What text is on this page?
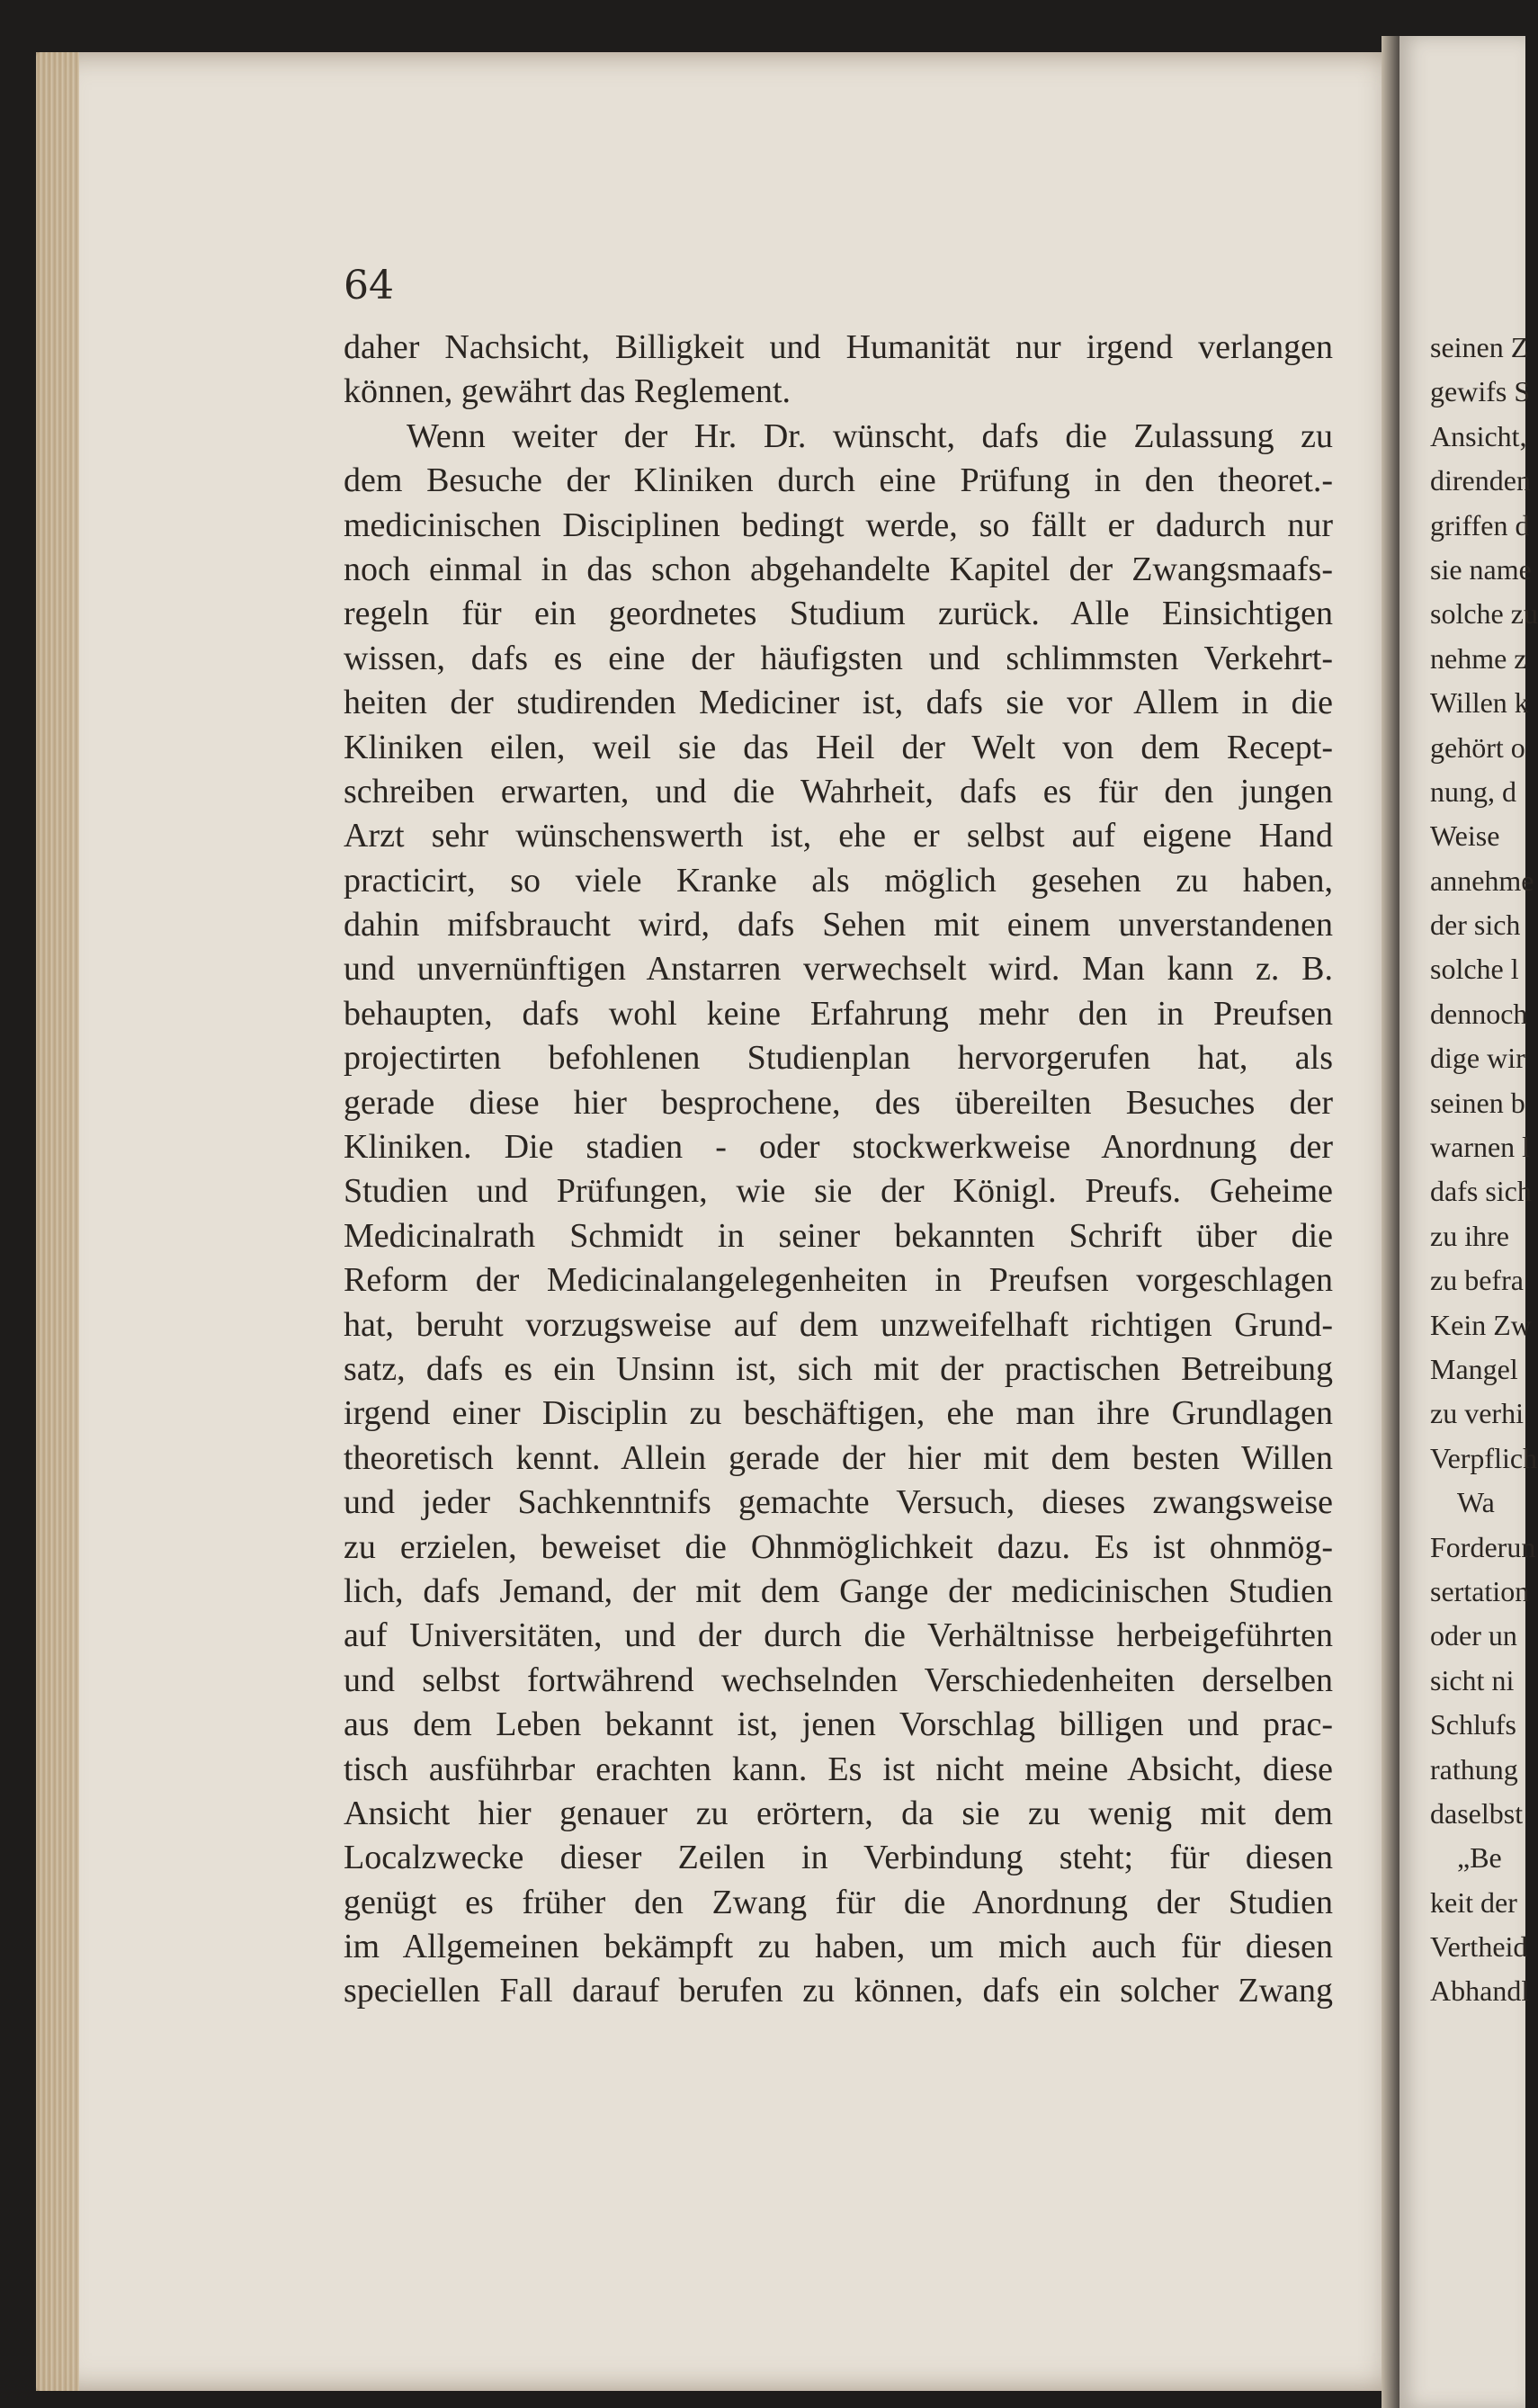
64
daher Nachsicht, Billigkeit und Humanität nur irgend verlangen
können, gewährt das Reglement.
Wenn weiter der Hr. Dr. wünscht, dafs die Zulassung zu
dem Besuche der Kliniken durch eine Prüfung in den theoret.-
medicinischen Disciplinen bedingt werde, so fällt er dadurch nur
noch einmal in das schon abgehandelte Kapitel der Zwangsmaafs-
regeln für ein geordnetes Studium zurück. Alle Einsichtigen
wissen, dafs es eine der häufigsten und schlimmsten Verkehrt-
heiten der studirenden Mediciner ist, dafs sie vor Allem in die
Kliniken eilen, weil sie das Heil der Welt von dem Recept-
schreiben erwarten, und die Wahrheit, dafs es für den jungen
Arzt sehr wünschenswerth ist, ehe er selbst auf eigene Hand
practicirt, so viele Kranke als möglich gesehen zu haben,
dahin mifsbraucht wird, dafs Sehen mit einem unverstandenen
und unvernünftigen Anstarren verwechselt wird. Man kann z. B.
behaupten, dafs wohl keine Erfahrung mehr den in Preufsen
projectirten befohlenen Studienplan hervorgerufen hat, als
gerade diese hier besprochene, des übereilten Besuches der
Kliniken. Die stadien - oder stockwerkweise Anordnung der
Studien und Prüfungen, wie sie der Königl. Preufs. Geheime
Medicinalrath Schmidt in seiner bekannten Schrift über die
Reform der Medicinalangelegenheiten in Preufsen vorgeschlagen
hat, beruht vorzugsweise auf dem unzweifelhaft richtigen Grund-
satz, dafs es ein Unsinn ist, sich mit der practischen Betreibung
irgend einer Disciplin zu beschäftigen, ehe man ihre Grundlagen
theoretisch kennt. Allein gerade der hier mit dem besten Willen
und jeder Sachkenntnifs gemachte Versuch, dieses zwangsweise
zu erzielen, beweiset die Ohnmöglichkeit dazu. Es ist ohnmög-
lich, dafs Jemand, der mit dem Gange der medicinischen Studien
auf Universitäten, und der durch die Verhältnisse herbeigeführten
und selbst fortwährend wechselnden Verschiedenheiten derselben
aus dem Leben bekannt ist, jenen Vorschlag billigen und prac-
tisch ausführbar erachten kann. Es ist nicht meine Absicht, diese
Ansicht hier genauer zu erörtern, da sie zu wenig mit dem
Localzwecke dieser Zeilen in Verbindung steht; für diesen
genügt es früher den Zwang für die Anordnung der Studien
im Allgemeinen bekämpft zu haben, um mich auch für diesen
speciellen Fall darauf berufen zu können, dafs ein solcher Zwang
seinen Z
gewifs S
Ansicht,
direnden
griffen d
sie name
solche zu
nehme z
Willen k
gehört o
nung, d
Weise
annehme
der sich
solche l
dennoch
dige wir
seinen b
warnen l
dafs sich
zu ihre
zu befra
Kein Zw
Mangel
zu verhi
Verpflich
Wa
Forderun
sertation
oder un
sicht ni
Schlufs
rathung
daselbst
„Be
keit der
Vertheid
Abhandl
